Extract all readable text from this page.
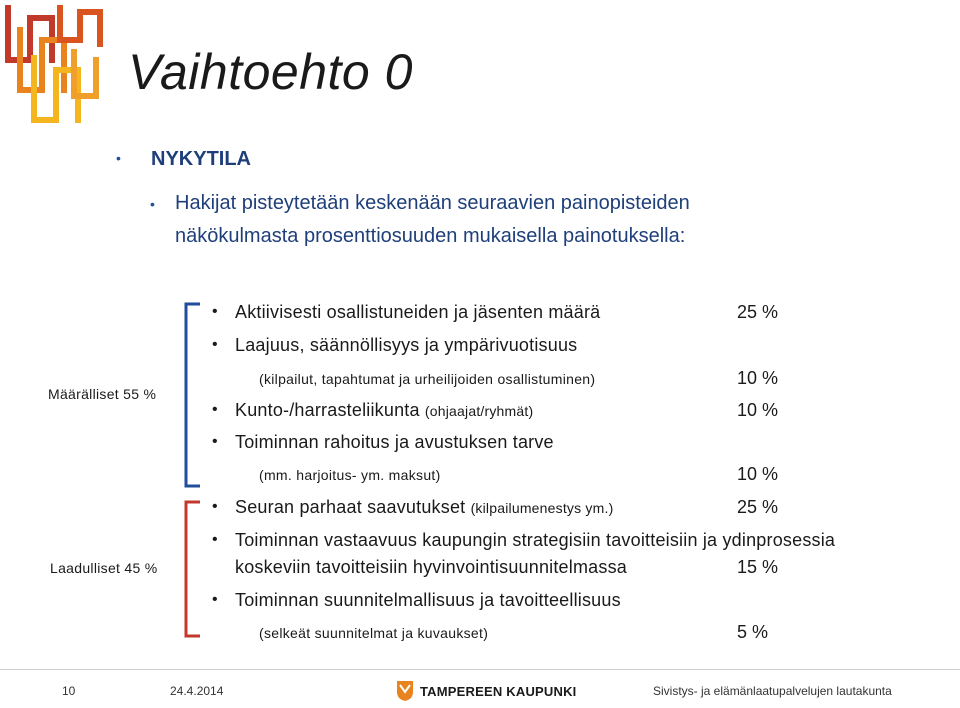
Vaihtoehto 0
• NYKYTILA
• Hakijat pisteytetään keskenään seuraavien painopisteiden
näkökulmasta prosenttiosuuden mukaisella painotuksella:
Määrälliset 55 %
Laadulliset 45 %
• Aktiivisesti osallistuneiden ja jäsenten määrä	25 %
• Laajuus, säännöllisyys ja ympärivuotisuus
(kilpailut, tapahtumat ja urheilijoiden osallistuminen)	10 %
• Kunto-/harrasteliikunta (ohjaajat/ryhmät)	10 %
• Toiminnan rahoitus ja avustuksen tarve
(mm. harjoitus- ym. maksut)	10 %
• Seuran parhaat saavutukset (kilpailumenestys ym.)	25 %
• Toiminnan vastaavuus kaupungin strategisiin tavoitteisiin ja ydinprosessia
koskeviin tavoitteisiin hyvinvointisuunnitelmassa	15 %
• Toiminnan suunnitelmallisuus ja tavoitteellisuus
(selkeät suunnitelmat ja kuvaukset)	5 %
10	24.4.2014	TAMPEREEN KAUPUNKI	Sivistys- ja elämänlaatupalvelujen lautakunta
